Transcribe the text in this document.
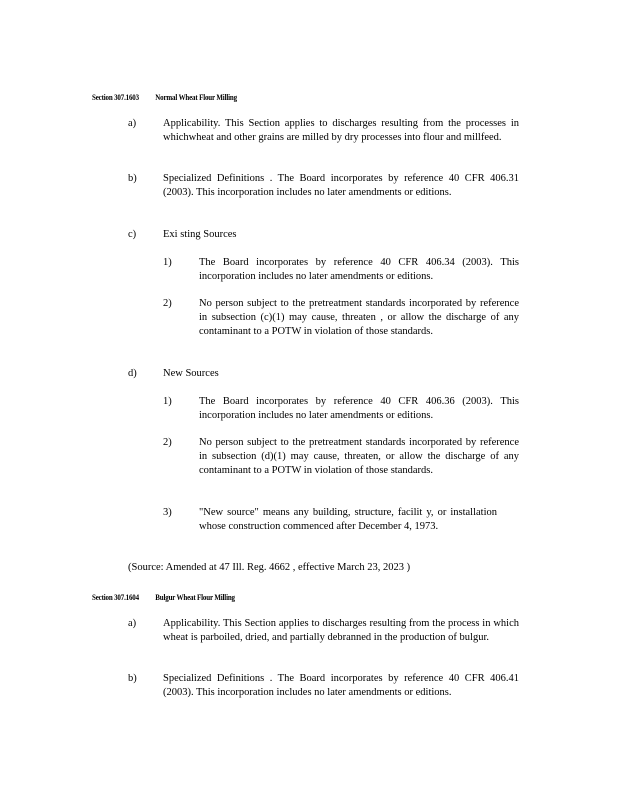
Section 307.1603 Normal Wheat Flour Milling
a)	Applicability. This Section applies to discharges resulting from the processes in whichwheat and other grains are milled by dry processes into flour and millfeed.
b)	Specialized Definitions . The Board incorporates by reference 40 CFR 406.31 (2003). This incorporation includes no later amendments or editions.
c)	Exi sting Sources
1)	The Board incorporates by reference 40 CFR 406.34 (2003). This incorporation includes no later amendments or editions.
2)	No person subject to the pretreatment standards incorporated by reference in subsection (c)(1) may cause, threaten , or allow the discharge of any contaminant to a POTW in violation of those standards.
d)	New Sources
1)	The Board incorporates by reference 40 CFR 406.36 (2003). This incorporation includes no later amendments or editions.
2)	No person subject to the pretreatment standards incorporated by reference in subsection (d)(1) may cause, threaten, or allow the discharge of any contaminant to a POTW in violation of those standards.
3)	"New source" means any building, structure, facilit y, or installation whose construction commenced after December 4, 1973.
(Source: Amended at 47 Ill. Reg. 4662 , effective March 23, 2023 )
Section 307.1604 Bulgur Wheat Flour Milling
a)	Applicability. This Section applies to discharges resulting from the process in which wheat is parboiled, dried, and partially debranned in the production of bulgur.
b)	Specialized Definitions . The Board incorporates by reference 40 CFR 406.41 (2003). This incorporation includes no later amendments or editions.
